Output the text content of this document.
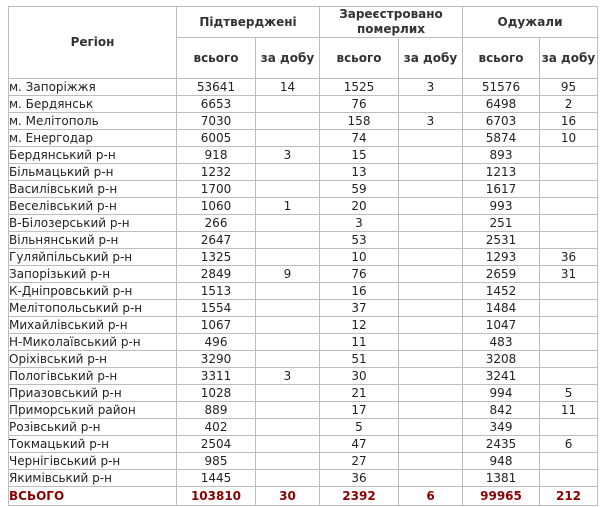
Регіон	Підтверджені		Зареєстровано померлих		Одужали	
	всього	за добу	всього	за добу	всього	за добу
м. Запоріжжя	53641	14	1525	3	51576	95
м. Бердянськ	6653		76		6498	2
м. Мелітополь	7030		158	3	6703	16
м. Енергодар	6005		74		5874	10
Бердянський р-н	918	3	15		893	
Більмацький р-н	1232		13		1213	
Василівський р-н	1700		59		1617	
Веселівський р-н	1060	1	20		993	
В-Білозерський р-н	266		3		251	
Вільнянський р-н	2647		53		2531	
Гуляйпільський р-н	1325		10		1293	36
Запорізький р-н	2849	9	76		2659	31
К-Дніпровський р-н	1513		16		1452	
Мелітопольський р-н	1554		37		1484	
Михайлівський р-н	1067		12		1047	
Н-Миколаївський р-н	496		11		483	
Оріхівський р-н	3290		51		3208	
Пологівський р-н	3311	3	30		3241	
Приазовський р-н	1028		21		994	5
Приморський район	889		17		842	11
Розівський р-н	402		5		349	
Токмацький р-н	2504		47		2435	6
Чернігівський р-н	985		27		948	
Якимівський р-н	1445		36		1381	
ВСЬОГО	103810	30	2392	6	99965	212
